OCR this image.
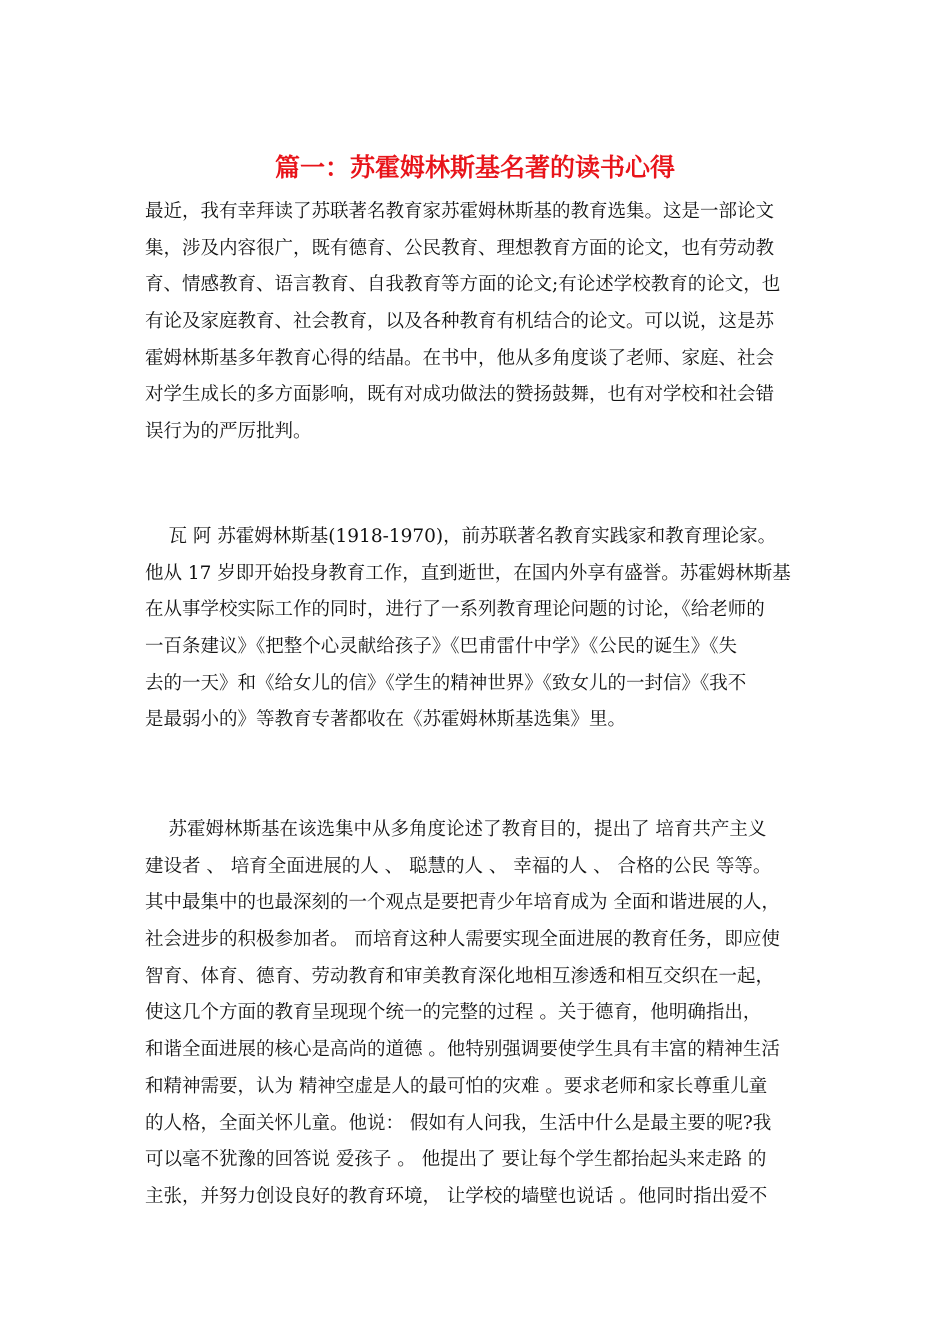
篇一：苏霍姆林斯基名著的读书心得
最近，我有幸拜读了苏联著名教育家苏霍姆林斯基的教育选集。这是一部论文
集，涉及内容很广，既有德育、公民教育、理想教育方面的论文，也有劳动教
育、情感教育、语言教育、自我教育等方面的论文;有论述学校教育的论文，也
有论及家庭教育、社会教育，以及各种教育有机结合的论文。可以说，这是苏
霍姆林斯基多年教育心得的结晶。在书中，他从多角度谈了老师、家庭、社会
对学生成长的多方面影响，既有对成功做法的赞扬鼓舞，也有对学校和社会错
误行为的严厉批判。
瓦 阿 苏霍姆林斯基(1918-1970)，前苏联著名教育实践家和教育理论家。
他从 17 岁即开始投身教育工作，直到逝世，在国内外享有盛誉。苏霍姆林斯基
在从事学校实际工作的同时，进行了一系列教育理论问题的讨论，《给老师的
一百条建议》《把整个心灵献给孩子》《巴甫雷什中学》《公民的诞生》《失
去的一天》和《给女儿的信》《学生的精神世界》《致女儿的一封信》《我不
是最弱小的》等教育专著都收在《苏霍姆林斯基选集》里。
苏霍姆林斯基在该选集中从多角度论述了教育目的，提出了 培育共产主义
建设者 、 培育全面进展的人 、 聪慧的人 、 幸福的人 、 合格的公民 等等。
其中最集中的也最深刻的一个观点是要把青少年培育成为 全面和谐进展的人，
社会进步的积极参加者。 而培育这种人需要实现全面进展的教育任务，即应使
智育、体育、德育、劳动教育和审美教育深化地相互渗透和相互交织在一起，
使这几个方面的教育呈现现个统一的完整的过程 。关于德育，他明确指出，
和谐全面进展的核心是高尚的道德 。他特别强调要使学生具有丰富的精神生活
和精神需要，认为 精神空虚是人的最可怕的灾难 。要求老师和家长尊重儿童
的人格，全面关怀儿童。他说： 假如有人问我，生活中什么是最主要的呢?我
可以毫不犹豫的回答说 爱孩子 。 他提出了 要让每个学生都抬起头来走路 的
主张，并努力创设良好的教育环境， 让学校的墙壁也说话 。他同时指出爱不
